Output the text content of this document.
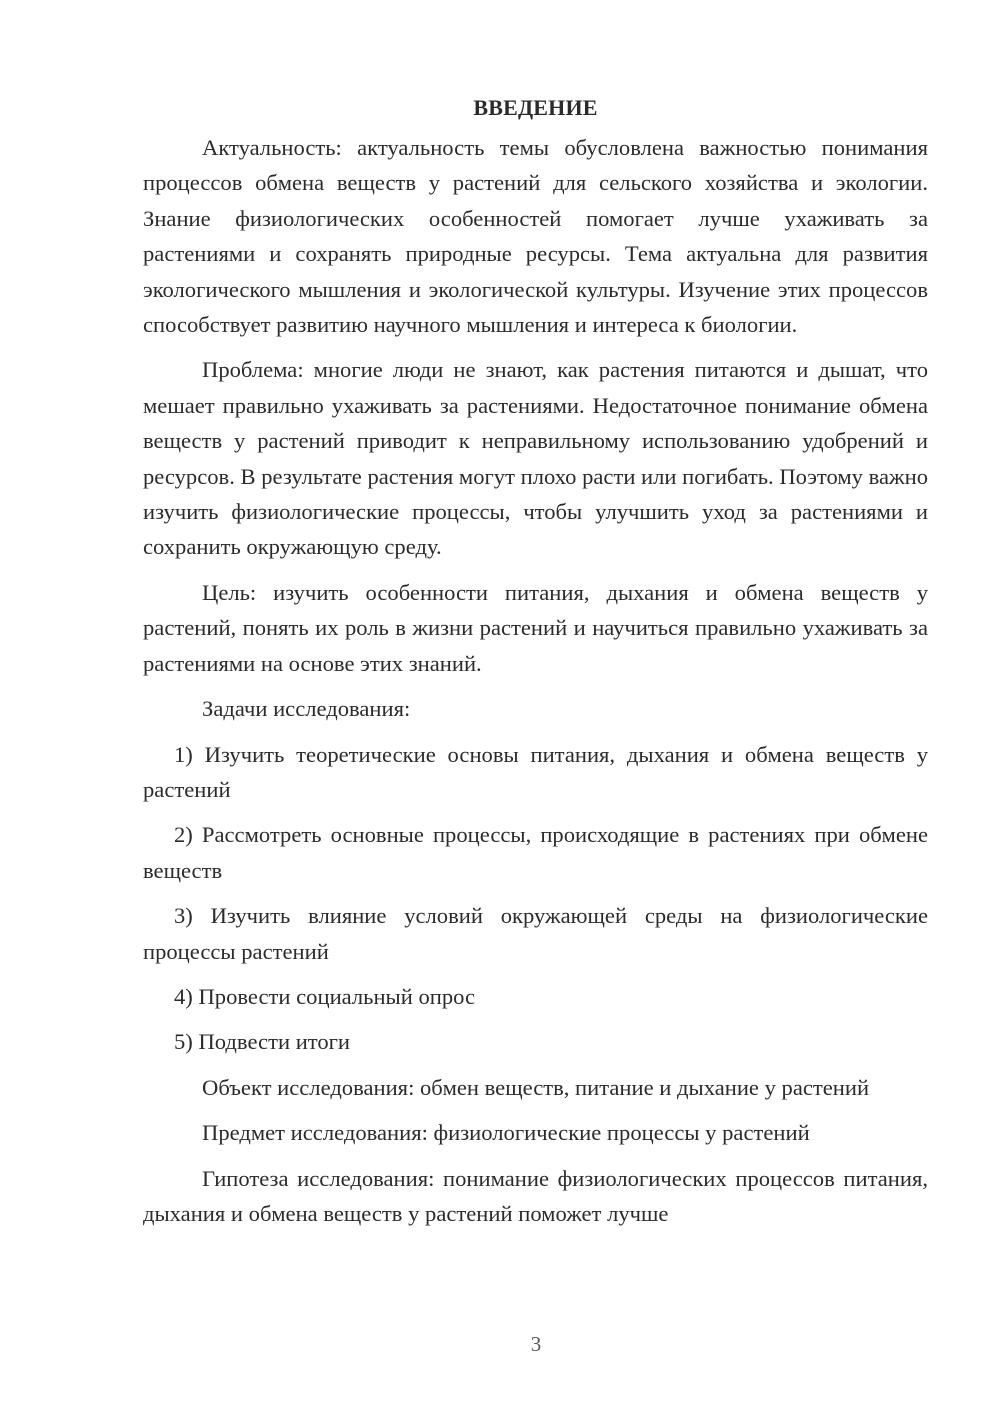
ВВЕДЕНИЕ

Актуальность: актуальность темы обусловлена важностью понимания процессов обмена веществ у растений для сельского хозяйства и экологии. Знание физиологических особенностей помогает лучше ухаживать за растениями и сохранять природные ресурсы. Тема актуальна для развития экологического мышления и экологической культуры. Изучение этих процессов способствует развитию научного мышления и интереса к биологии.

Проблема: многие люди не знают, как растения питаются и дышат, что мешает правильно ухаживать за растениями. Недостаточное понимание обмена веществ у растений приводит к неправильному использованию удобрений и ресурсов. В результате растения могут плохо расти или погибать. Поэтому важно изучить физиологические процессы, чтобы улучшить уход за растениями и сохранить окружающую среду.

Цель: изучить особенности питания, дыхания и обмена веществ у растений, понять их роль в жизни растений и научиться правильно ухаживать за растениями на основе этих знаний.

Задачи исследования:

1) Изучить теоретические основы питания, дыхания и обмена веществ у растений

2) Рассмотреть основные процессы, происходящие в растениях при обмене веществ

3) Изучить влияние условий окружающей среды на физиологические процессы растений

4) Провести социальный опрос

5) Подвести итоги

Объект исследования: обмен веществ, питание и дыхание у растений

Предмет исследования: физиологические процессы у растений

Гипотеза исследования: понимание физиологических процессов питания, дыхания и обмена веществ у растений поможет лучше

3
